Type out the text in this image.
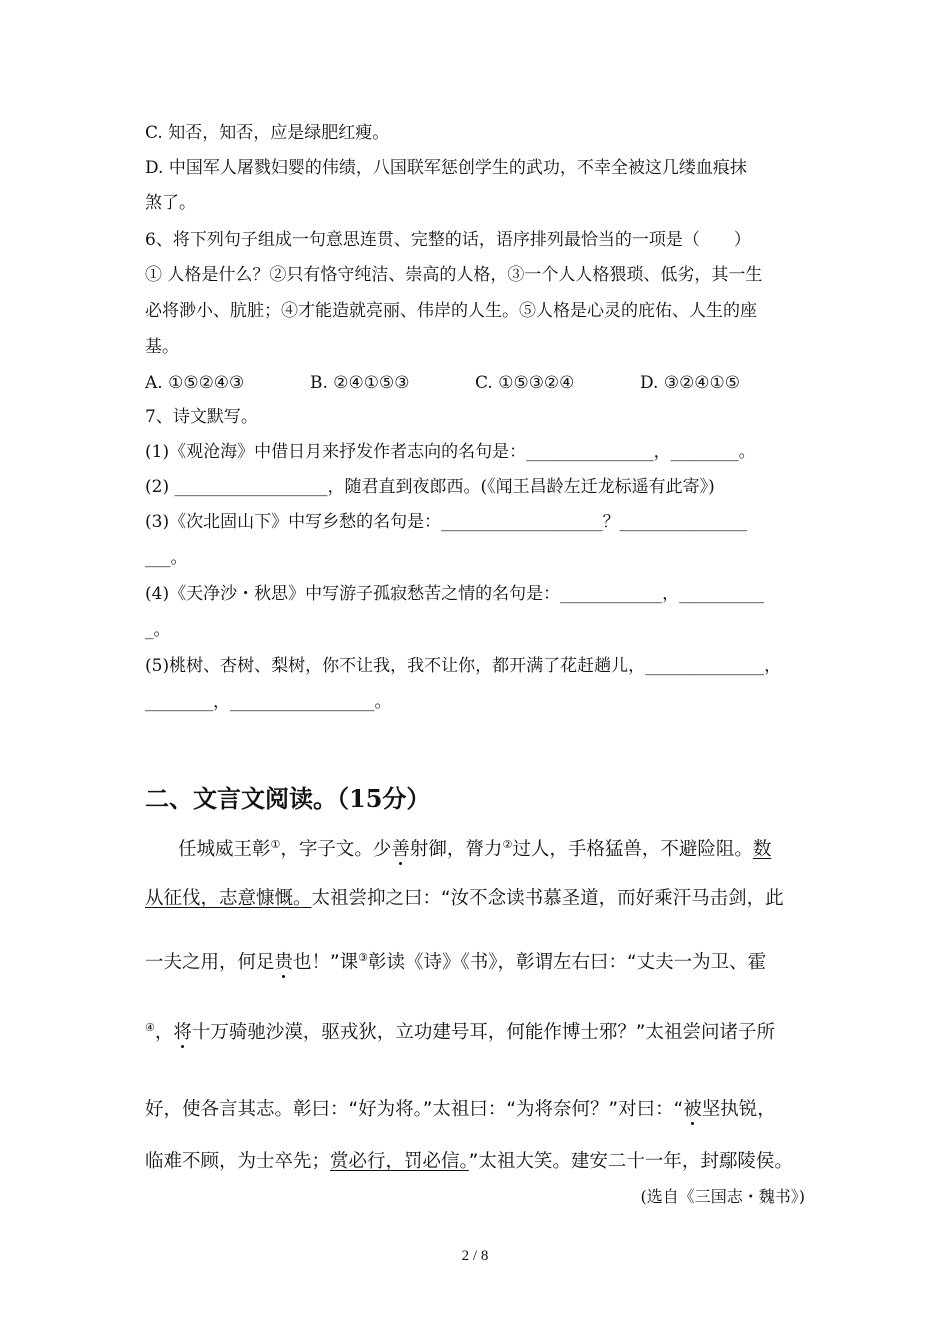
C. 知否，知否，应是绿肥红瘦。
D. 中国军人屠戮妇婴的伟绩，八国联军惩创学生的武功，不幸全被这几缕血痕抹
煞了。
6、将下列句子组成一句意思连贯、完整的话，语序排列最恰当的一项是（　　）
① 人格是什么？②只有恪守纯洁、崇高的人格，③一个人人格猥琐、低劣，其一生
必将渺小、肮脏；④才能造就亮丽、伟岸的人生。⑤人格是心灵的庇佑、人生的座
基。
A. ①⑤②④③	B. ②④①⑤③	C. ①⑤③②④	D. ③②④①⑤
7、诗文默写。
(1)《观沧海》中借日月来抒发作者志向的名句是：_______________，________。
(2) __________________，随君直到夜郎西。(《闻王昌龄左迁龙标遥有此寄》)
(3)《次北固山下》中写乡愁的名句是：___________________？_______________
___。
(4)《天净沙・秋思》中写游子孤寂愁苦之情的名句是：____________，__________
_。
(5)桃树、杏树、梨树，你不让我，我不让你，都开满了花赶趟儿，______________，
________，_________________。
二、文言文阅读。（15分）
任城威王彰①，字子文。少善射御，膂力②过人，手格猛兽，不避险阻。数
从征伐，志意慷慨。太祖尝抑之曰：“汝不念读书慕圣道，而好乘汗马击剑，此
一夫之用，何足贵也！”课③彰读《诗》《书》，彰谓左右曰：“丈夫一为卫、霍
④，将十万骑驰沙漠，驱戎狄，立功建号耳，何能作博士邪？”太祖尝问诸子所
好，使各言其志。彰曰：“好为将。”太祖曰：“为将奈何？”对曰：“被坚执锐，
临难不顾，为士卒先；赏必行，罚必信。”太祖大笑。建安二十一年，封鄢陵侯。
(选自《三国志・魏书》)
2 / 8
